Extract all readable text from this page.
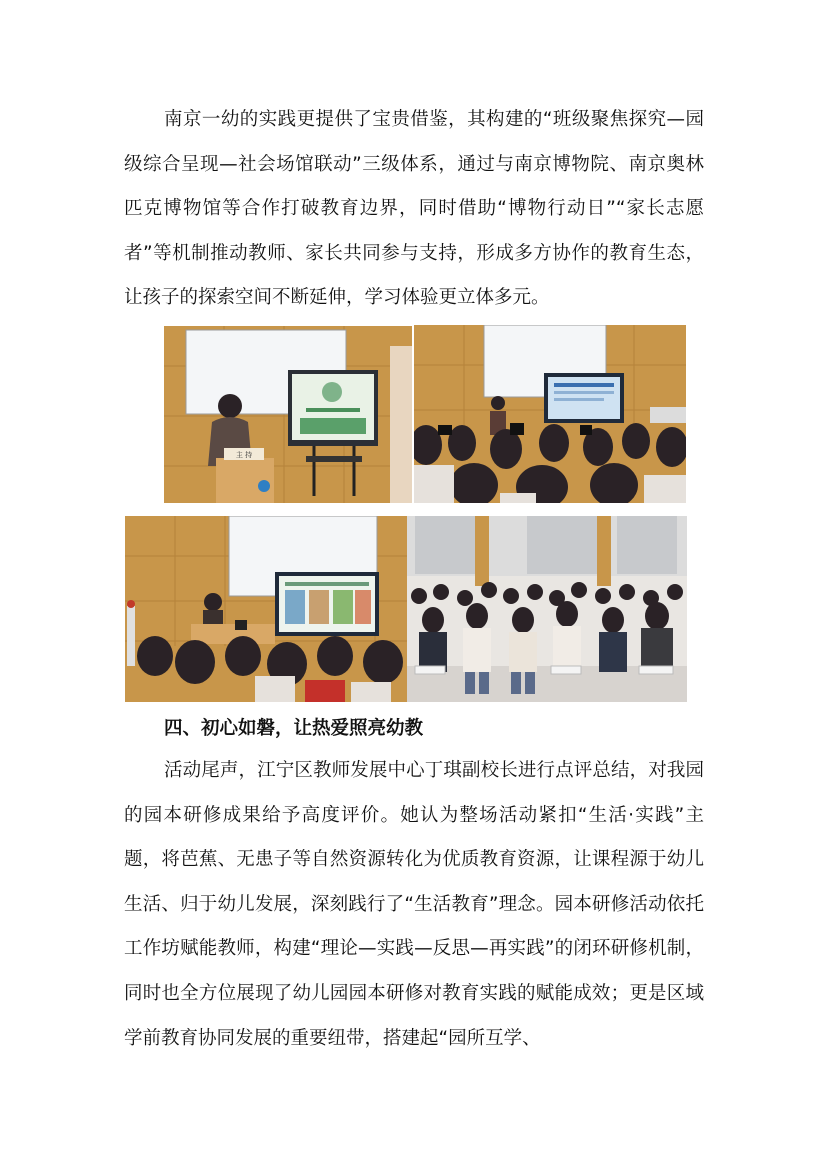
南京一幼的实践更提供了宝贵借鉴，其构建的“班级聚焦探究—园级综合呈现—社会场馆联动”三级体系，通过与南京博物院、南京奥林匹克博物馆等合作打破教育边界，同时借助“博物行动日”“家长志愿者”等机制推动教师、家长共同参与支持，形成多方协作的教育生态，让孩子的探索空间不断延伸，学习体验更立体多元。

主 持

四、初心如磐，让热爱照亮幼教

活动尾声，江宁区教师发展中心丁琪副校长进行点评总结，对我园的园本研修成果给予高度评价。她认为整场活动紧扣“生活·实践”主题，将芭蕉、无患子等自然资源转化为优质教育资源，让课程源于幼儿生活、归于幼儿发展，深刻践行了“生活教育”理念。园本研修活动依托工作坊赋能教师，构建“理论—实践—反思—再实践”的闭环研修机制，同时也全方位展现了幼儿园园本研修对教育实践的赋能成效；更是区域学前教育协同发展的重要纽带，搭建起“园所互学、
